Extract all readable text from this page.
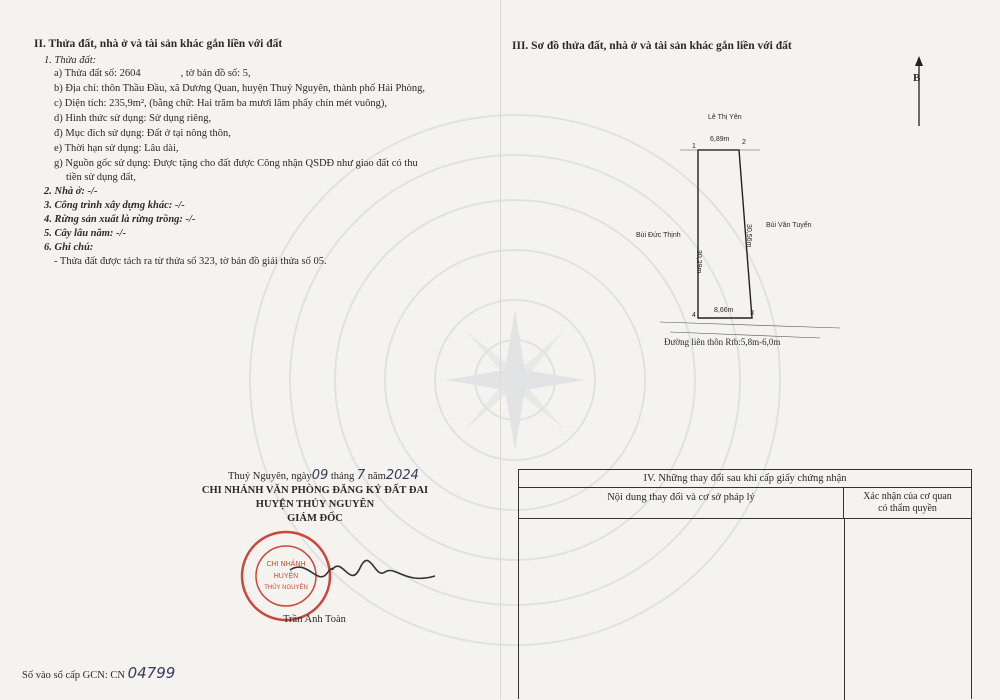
II. Thửa đất, nhà ở và tài sản khác gắn liền với đất
1. Thửa đất:
a) Thửa đất số: 2604	, tờ bản đồ số: 5,
b) Địa chỉ: thôn Thầu Đầu, xã Dương Quan, huyện Thuỷ Nguyên, thành phố Hải Phòng,
c) Diện tích: 235,9m², (bằng chữ: Hai trăm ba mươi lăm phẩy chín mét vuông),
d) Hình thức sử dụng: Sử dụng riêng,
đ) Mục đích sử dụng: Đất ở tại nông thôn,
e) Thời hạn sử dụng: Lâu dài,
g) Nguồn gốc sử dụng: Được tặng cho đất được Công nhận QSDĐ như giao đất có thu
tiền sử dụng đất,
2. Nhà ở: -/-
3. Công trình xây dựng khác: -/-
4. Rừng sản xuất là rừng trồng: -/-
5. Cây lâu năm: -/-
6. Ghi chú:
- Thửa đất được tách ra từ thửa số 323, tờ bản đồ giải thửa số 05.
Thuỷ Nguyên, ngày09 tháng 7 năm2024
CHI NHÁNH VĂN PHÒNG ĐĂNG KÝ ĐẤT ĐAI
HUYỆN THỦY NGUYÊN
GIÁM ĐỐC
CHI NHÁNH
HUYỆN
THỦY NGUYÊN
Trần Anh Toàn
Số vào sổ cấp GCN: CN 04799
III. Sơ đồ thửa đất, nhà ở và tài sản khác gắn liền với đất
B
Lê Thị Yên
6,89m
1
2
Bùi Đức Thịnh
Bùi Văn Tuyến
30,29m
30,56m
4
8,66m 3
Đường liên thôn Rtb:5,8m-6,0m
IV. Những thay đổi sau khi cấp giấy chứng nhận
Nội dung thay đổi và cơ sở pháp lý	Xác nhận của cơ quan
có thẩm quyền
